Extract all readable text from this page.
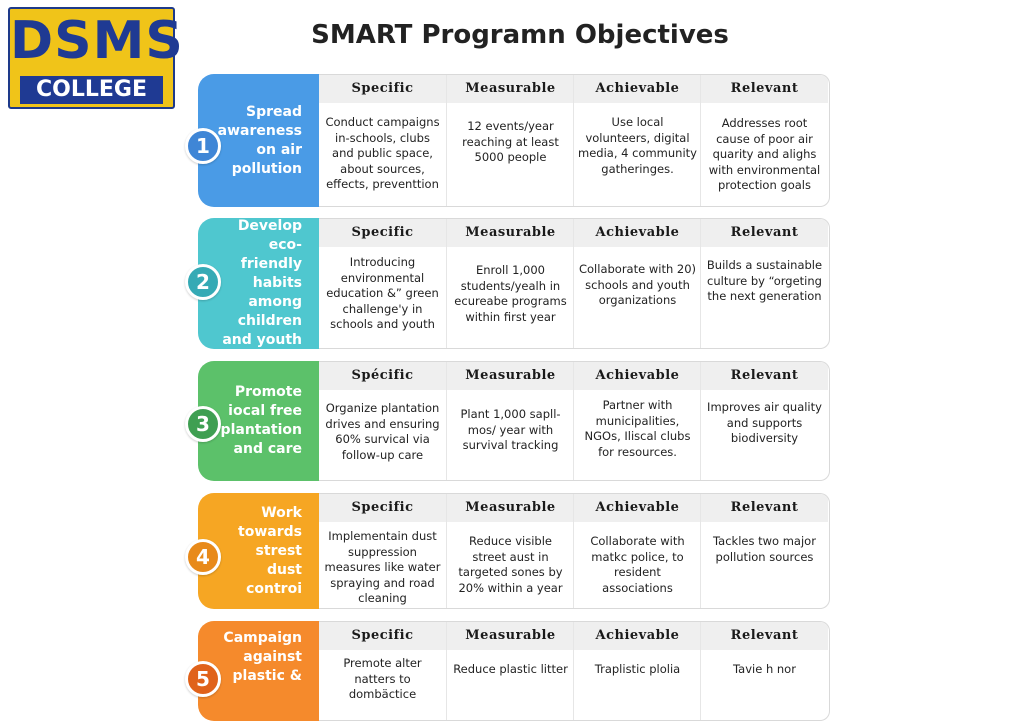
DSMS
COLLEGE
SMART Programn Objectives
Spread awareness on air pollution
Specific
Conduct campaigns in-schools, clubs and public space, about sources, effects, preventtion
Measurable
12 events/year reaching at least 5000 people
Achievable
Use local volunteers, digital media, 4 community gatheringes.
Relevant
Addresses root cause of poor air quarity and alighs with environmental protection goals
1
Develop eco-friendly habits among children and youth
Specific
Introducing environmental education &” green challenge'y in schools and youth
Measurable
Enroll 1,000 students/yealh in ecureabe programs within first year
Achievable
Collaborate with 20) schools and youth organizations
Relevant
Builds a sustainable culture by “orgeting the next generation
2
Promote iocal free plantation and care
Spécific
Organize plantation drives and ensuring 60% survical via follow-up care
Measurable
Plant 1,000 sapll-mos/ year with survival tracking
Achievable
Partner with municipalities, NGOs, Iliscal clubs for resources.
Relevant
Improves air quality and supports biodiversity
3
Work towards strest dust controi
Specific
Implementain dust suppression measures like water spraying and road cleaning
Measurable
Reduce visible street aust in targeted sones by 20% within a year
Achievable
Collaborate with matkc police, to resident associations
Relevant
Tackles two major pollution sources
4
Campaign against plastic &
Specific
Premote alter natters to dombäctice
Measurable
Reduce plastic litter
Achievable
Traplistic plolia
Relevant
Tavie h nor
5
